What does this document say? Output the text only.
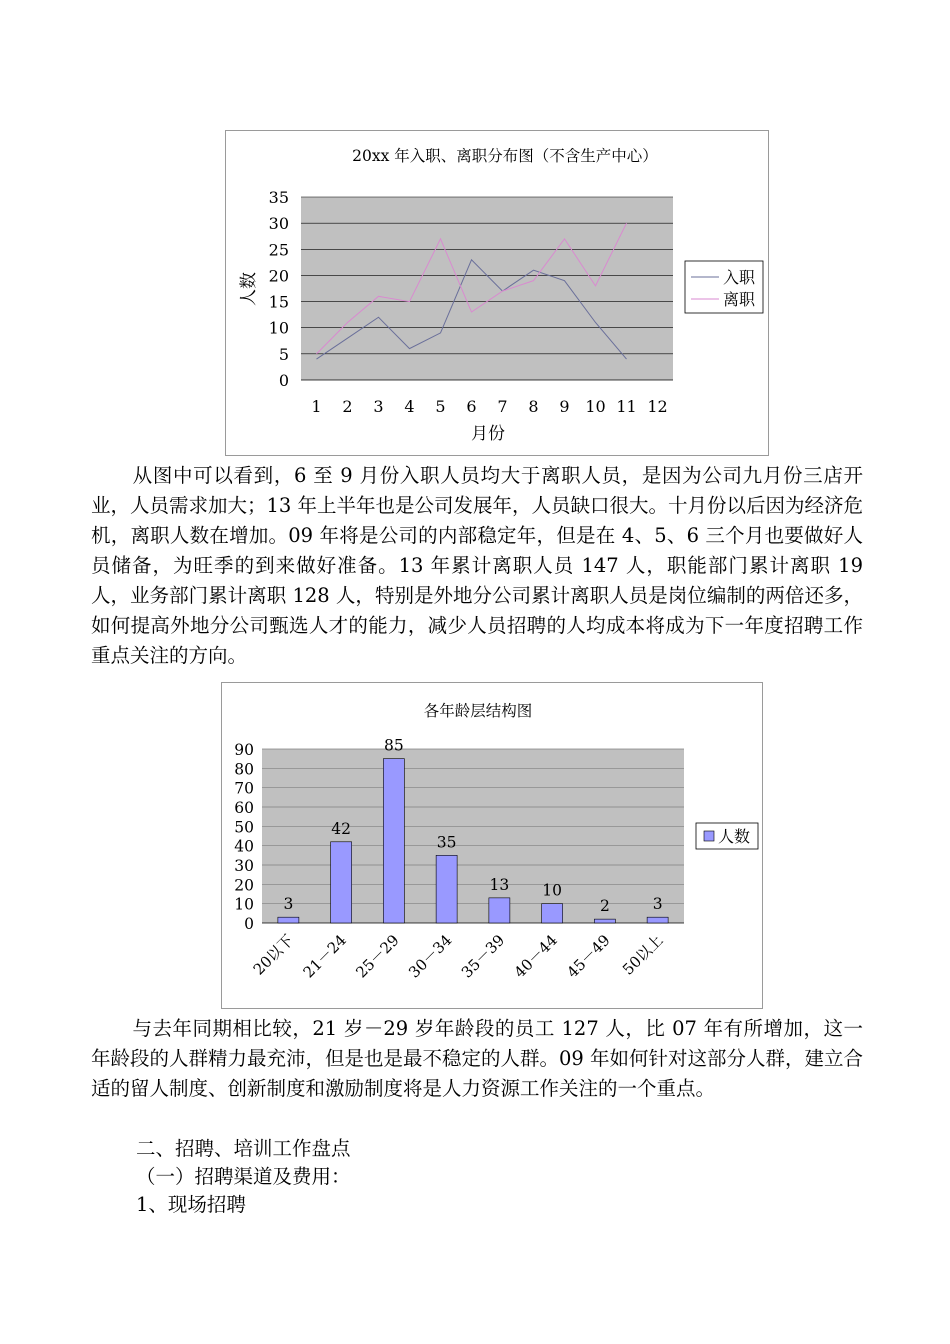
20xx 年入职、离职分布图（不含生产中心）
0
5
10
15
20
25
30
35
1 2 3 4 5 6 7 8 9 10 11 12
人数
月份
入职
离职

从图中可以看到，6 至 9 月份入职人员均大于离职人员，是因为公司九月份三店开业，人员需求加大；13 年上半年也是公司发展年，人员缺口很大。十月份以后因为经济危机，离职人数在增加。09 年将是公司的内部稳定年，但是在 4、5、6 三个月也要做好人员储备，为旺季的到来做好准备。13 年累计离职人员 147 人，职能部门累计离职 19 人，业务部门累计离职 128 人，特别是外地分公司累计离职人员是岗位编制的两倍还多，如何提高外地分公司甄选人才的能力，减少人员招聘的人均成本将成为下一年度招聘工作重点关注的方向。

各年龄层结构图
0
10
20
30
40
50
60
70
80
90
3
42
85
35
13 10
2	3
20以下 21－24 25－29 30－34 35－39 40－44 45－49 50以上
人数

与去年同期相比较，21 岁－29 岁年龄段的员工 127 人，比 07 年有所增加，这一年龄段的人群精力最充沛，但是也是最不稳定的人群。09 年如何针对这部分人群，建立合适的留人制度、创新制度和激励制度将是人力资源工作关注的一个重点。

二、招聘、培训工作盘点

（一）招聘渠道及费用：

1、现场招聘
